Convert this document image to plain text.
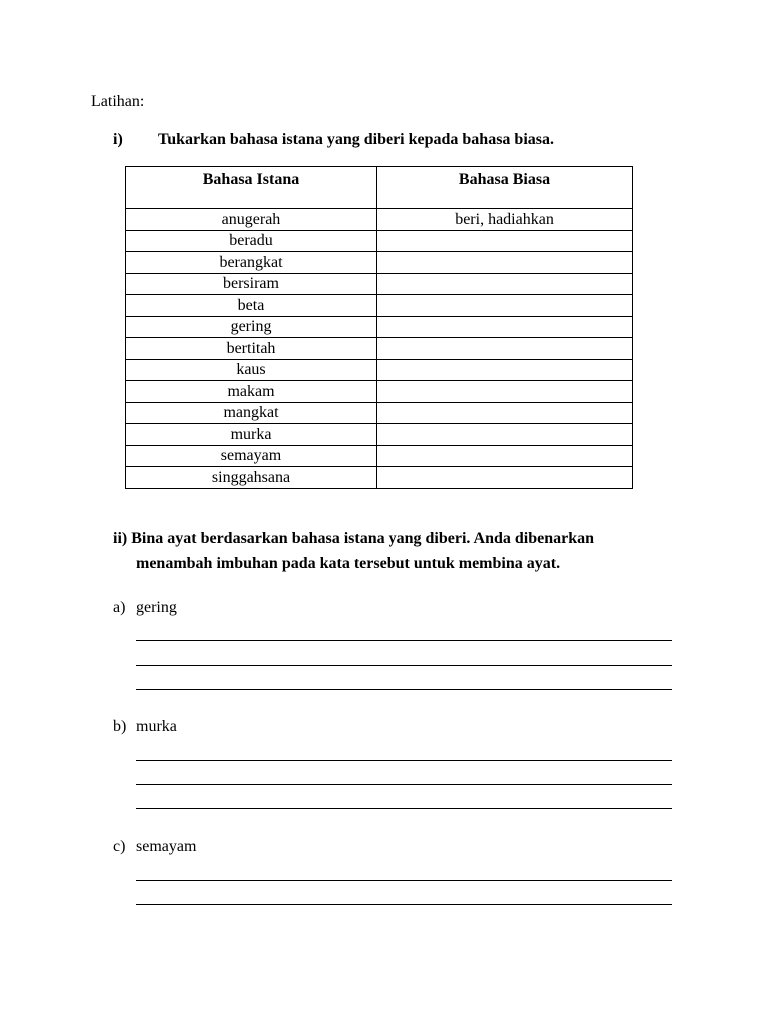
Latihan:
i) Tukarkan bahasa istana yang diberi kepada bahasa biasa.
Bahasa Istana	Bahasa Biasa
anugerah	beri, hadiahkan
beradu	
berangkat	
bersiram	
beta	
gering	
bertitah	
kaus	
makam	
mangkat	
murka	
semayam	
singgahsana	
ii) Bina ayat berdasarkan bahasa istana yang diberi. Anda dibenarkan
menambah imbuhan pada kata tersebut untuk membina ayat.
a) gering
b) murka
c) semayam
